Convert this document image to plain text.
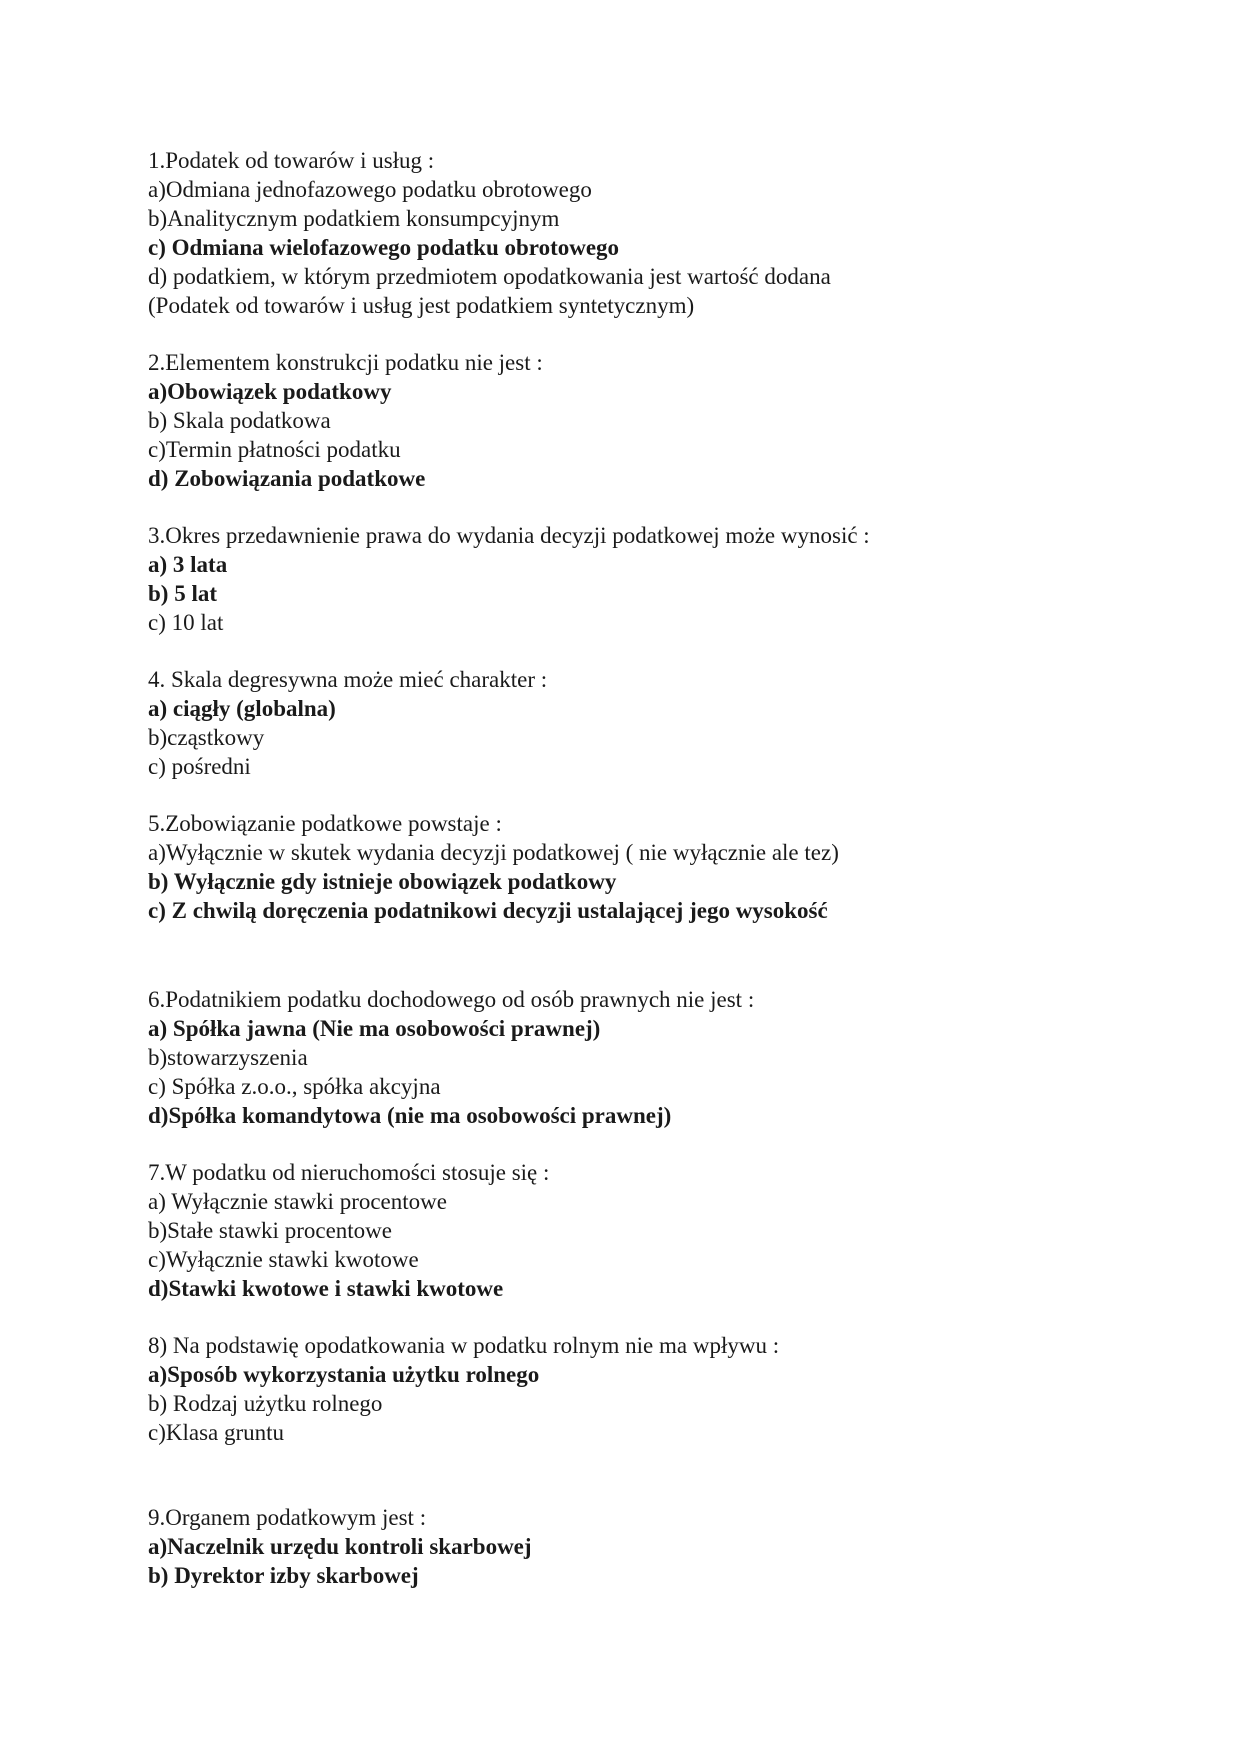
1.Podatek od towarów i usług :
a)Odmiana jednofazowego podatku obrotowego
b)Analitycznym podatkiem konsumpcyjnym
c) Odmiana wielofazowego podatku obrotowego
d) podatkiem, w którym przedmiotem opodatkowania jest wartość dodana
(Podatek od towarów i usług jest podatkiem syntetycznym)
2.Elementem konstrukcji podatku nie jest :
a)Obowiązek podatkowy
b) Skala podatkowa
c)Termin płatności podatku
d) Zobowiązania podatkowe
3.Okres przedawnienie prawa do wydania decyzji podatkowej może wynosić :
a) 3 lata
b) 5 lat
c) 10 lat
4. Skala degresywna może mieć charakter :
a) ciągły (globalna)
b)cząstkowy
c) pośredni
5.Zobowiązanie podatkowe powstaje :
a)Wyłącznie w skutek wydania decyzji podatkowej ( nie wyłącznie ale tez)
b) Wyłącznie gdy istnieje obowiązek podatkowy
c) Z chwilą doręczenia podatnikowi decyzji ustalającej jego wysokość
6.Podatnikiem podatku dochodowego od osób prawnych nie jest :
a) Spółka jawna (Nie ma osobowości prawnej)
b)stowarzyszenia
c) Spółka z.o.o., spółka akcyjna
d)Spółka komandytowa (nie ma osobowości prawnej)
7.W podatku od nieruchomości stosuje się :
a) Wyłącznie stawki procentowe
b)Stałe stawki procentowe
c)Wyłącznie stawki kwotowe
d)Stawki kwotowe i stawki kwotowe
8) Na podstawię opodatkowania w podatku rolnym nie ma wpływu :
a)Sposób wykorzystania użytku rolnego
b) Rodzaj użytku rolnego
c)Klasa gruntu
9.Organem podatkowym jest :
a)Naczelnik urzędu kontroli skarbowej
b) Dyrektor izby skarbowej
